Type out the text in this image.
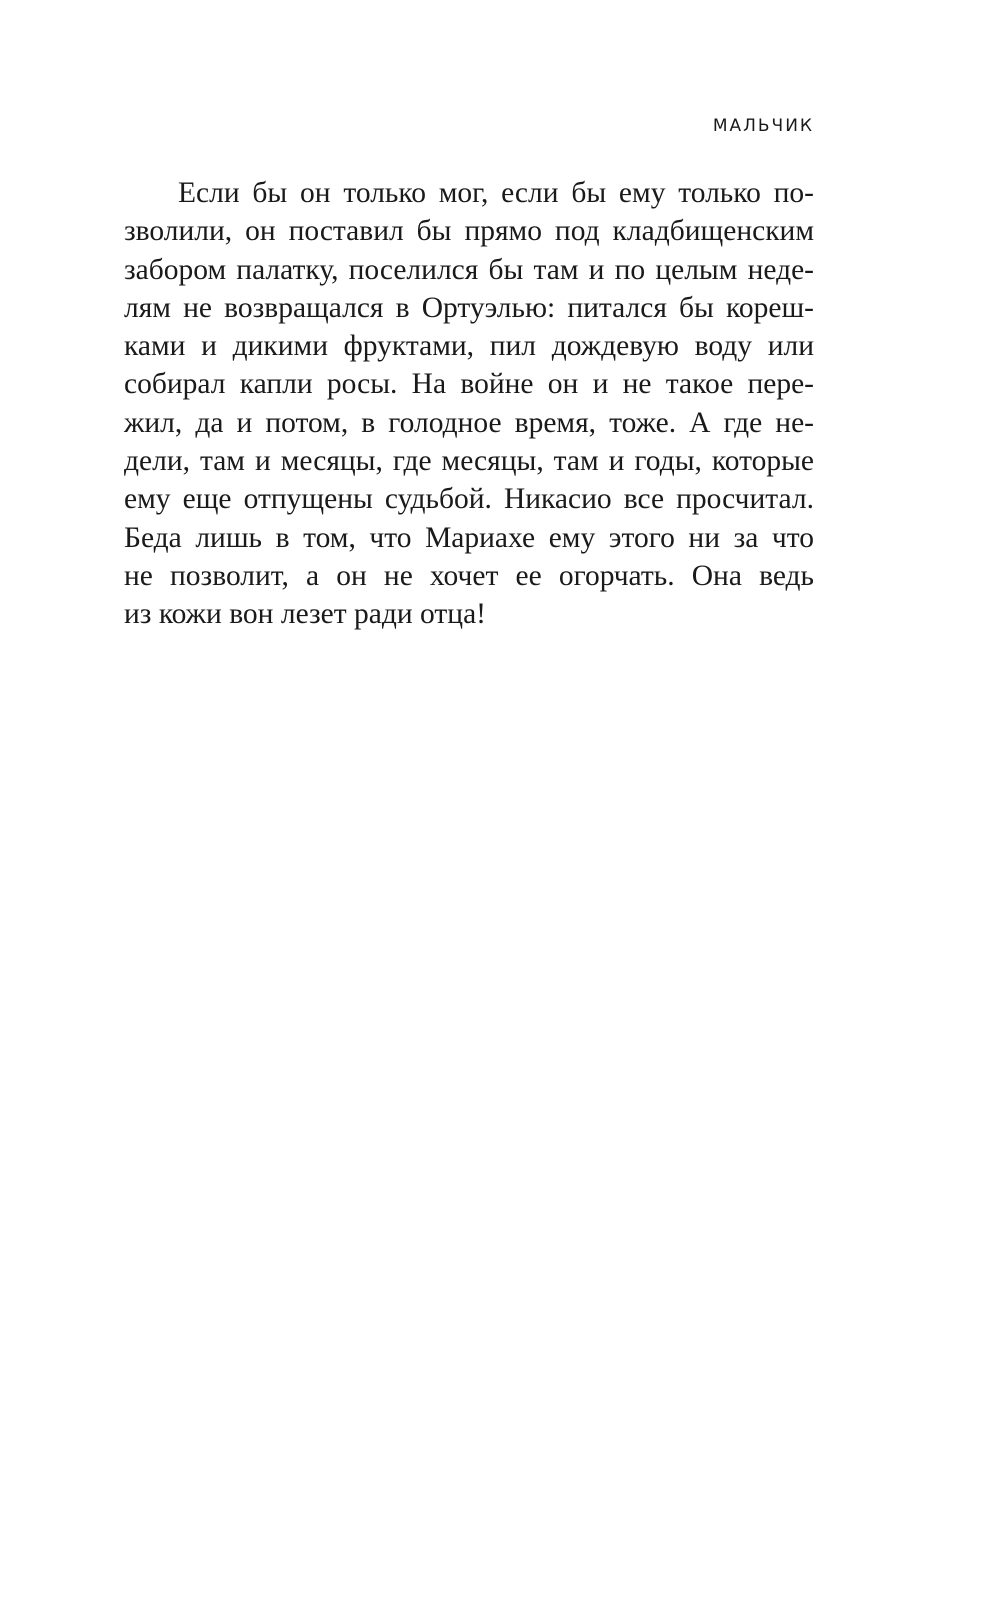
МАЛЬЧИК

Если бы он только мог, если бы ему только по-
зволили, он поставил бы прямо под кладбищенским
забором палатку, поселился бы там и по целым неде-
лям не возвращался в Ортуэлью: питался бы кореш-
ками и дикими фруктами, пил дождевую воду или
собирал капли росы. На войне он и не такое пере-
жил, да и потом, в голодное время, тоже. А где не-
дели, там и месяцы, где месяцы, там и годы, которые
ему еще отпущены судьбой. Никасио все просчитал.
Беда лишь в том, что Мариахе ему этого ни за что
не позволит, а он не хочет ее огорчать. Она ведь
из кожи вон лезет ради отца!
